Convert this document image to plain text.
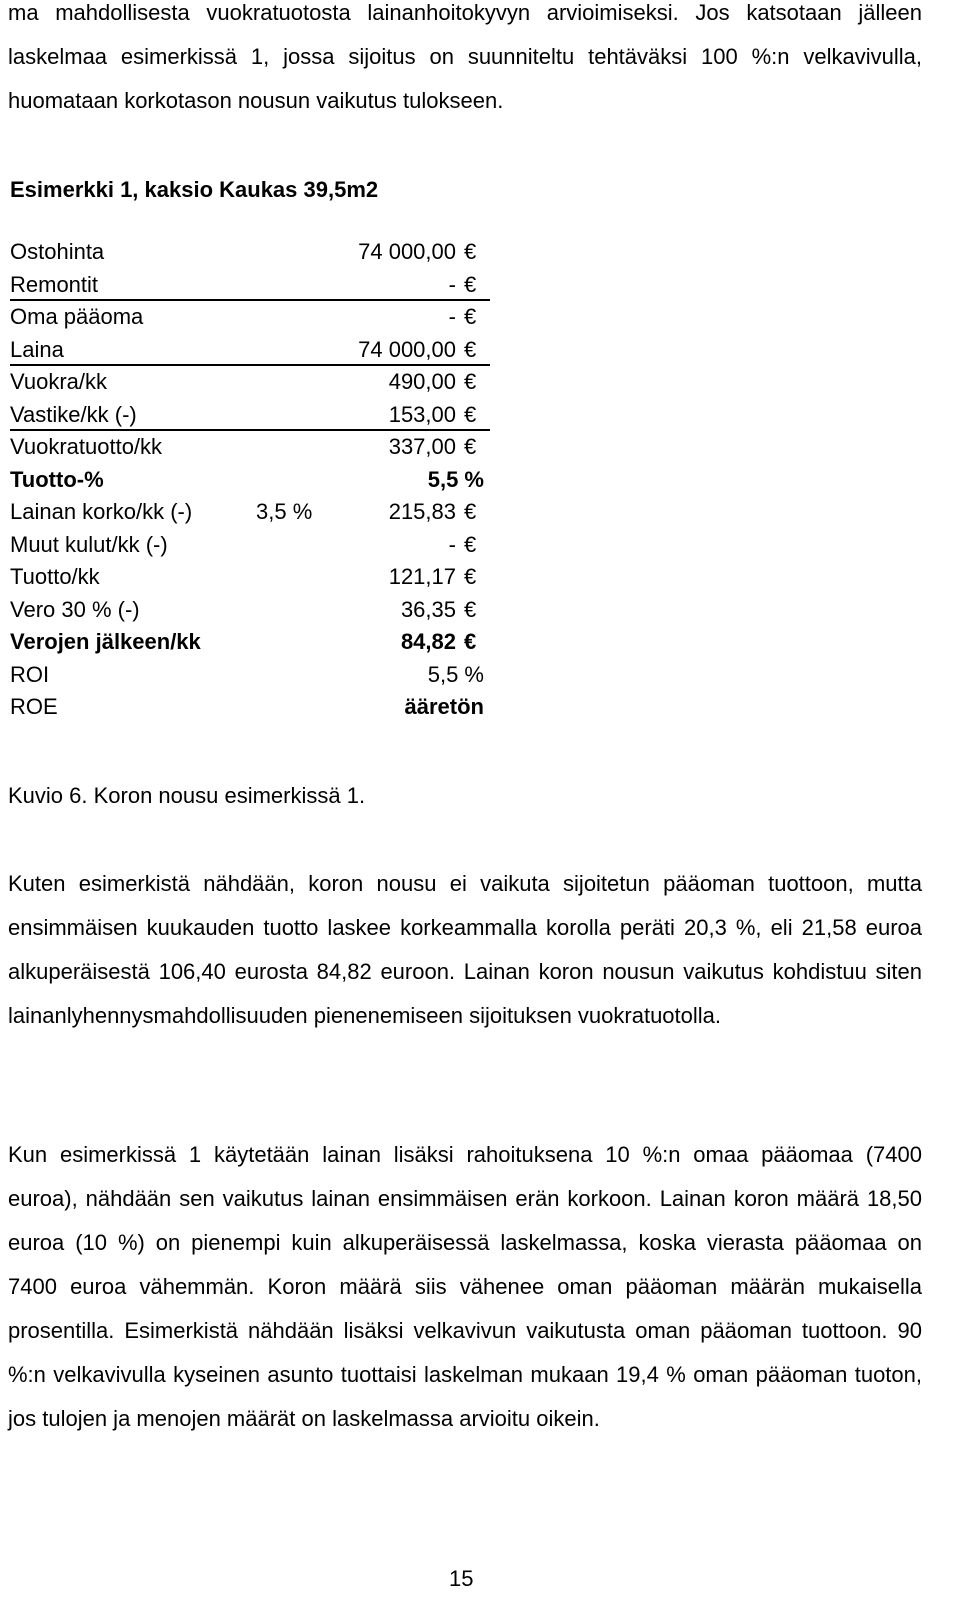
ma mahdollisesta vuokratuotosta lainanhoitokyvyn arvioimiseksi. Jos katsotaan jälleen laskelmaa esimerkissä 1, jossa sijoitus on suunniteltu tehtäväksi 100 %:n velkavivulla, huomataan korkotason nousun vaikutus tulokseen.

Esimerkki 1, kaksio Kaukas 39,5m2
Ostohinta	74 000,00 €
Remontit	- €
Oma pääoma	- €
Laina	74 000,00 €
Vuokra/kk	490,00 €
Vastike/kk (-)	153,00 €
Vuokratuotto/kk	337,00 €
Tuotto-%	5,5 %
Lainan korko/kk (-)	3,5 %	215,83 €
Muut kulut/kk (-)	- €
Tuotto/kk	121,17 €
Vero 30 % (-)	36,35 €
Verojen jälkeen/kk	84,82 €
ROI	5,5 %
ROE	ääretön

Kuvio 6. Koron nousu esimerkissä 1.

Kuten esimerkistä nähdään, koron nousu ei vaikuta sijoitetun pääoman tuottoon, mutta ensimmäisen kuukauden tuotto laskee korkeammalla korolla peräti 20,3 %, eli 21,58 euroa alkuperäisestä 106,40 eurosta 84,82 euroon. Lainan koron nousun vaikutus kohdistuu siten lainanlyhennysmahdollisuuden pienenemiseen sijoituksen vuokratuotolla.

Kun esimerkissä 1 käytetään lainan lisäksi rahoituksena 10 %:n omaa pääomaa (7400 euroa), nähdään sen vaikutus lainan ensimmäisen erän korkoon. Lainan koron määrä 18,50 euroa (10 %) on pienempi kuin alkuperäisessä laskelmassa, koska vierasta pääomaa on 7400 euroa vähemmän. Koron määrä siis vähenee oman pääoman määrän mukaisella prosentilla. Esimerkistä nähdään lisäksi velkavivun vaikutusta oman pääoman tuottoon. 90 %:n velkavivulla kyseinen asunto tuottaisi laskelman mukaan 19,4 % oman pääoman tuoton, jos tulojen ja menojen määrät on laskelmassa arvioitu oikein.

15
